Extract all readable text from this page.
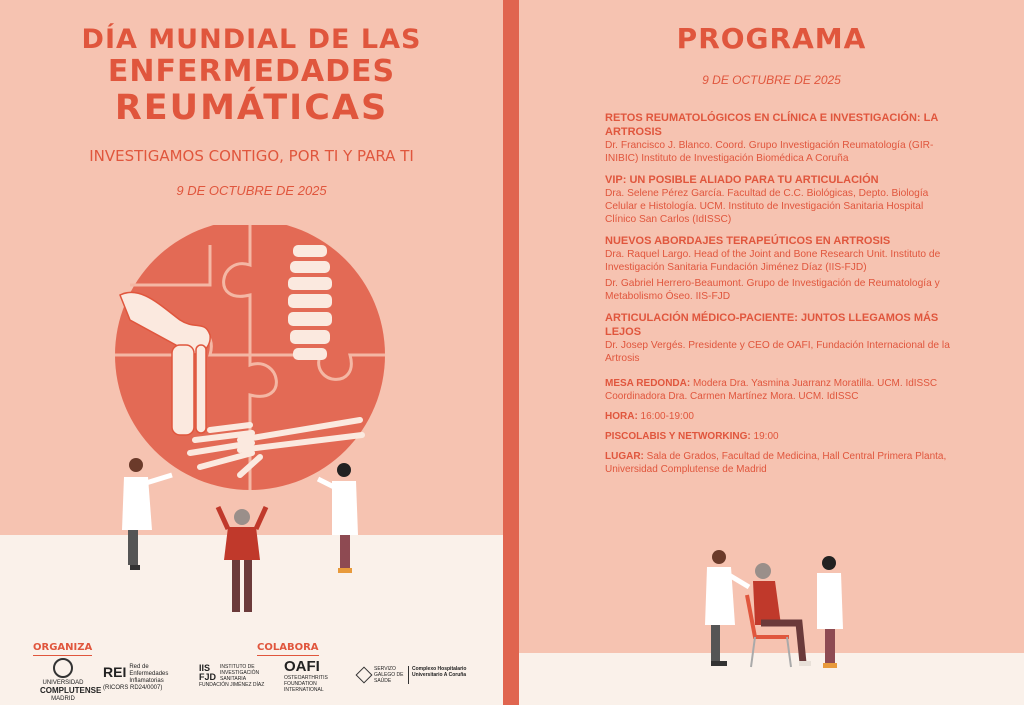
DÍA MUNDIAL DE LAS
ENFERMEDADES
REUMÁTICAS
INVESTIGAMOS CONTIGO, POR TI Y PARA TI
9 DE OCTUBRE DE 2025
ORGANIZA	COLABORA
UNIVERSIDAD
COMPLUTENSE
MADRID
REI Red de Enfermedades Inflamatorias
(RICORS RD24/0007)
IIS FJD
INSTITUTO DE INVESTIGACIÓN SANITARIA
FUNDACIÓN JIMÉNEZ DÍAZ
OAFI
OSTEOARTHRITIS FOUNDATION INTERNATIONAL
SERVIZO GALEGO DE SAÚDE
Complexo Hospitalario Universitario A Coruña
PROGRAMA
9 DE OCTUBRE DE 2025
RETOS REUMATOLÓGICOS EN CLÍNICA E INVESTIGACIÓN: LA ARTROSIS
Dr. Francisco J. Blanco. Coord. Grupo Investigación Reumatología (GIR-INIBIC) Instituto de Investigación Biomédica A Coruña
VIP: UN POSIBLE ALIADO PARA TU ARTICULACIÓN
Dra. Selene Pérez García. Facultad de C.C. Biológicas, Depto. Biología Celular e Histología. UCM. Instituto de Investigación Sanitaria Hospital Clínico San Carlos (IdISSC)
NUEVOS ABORDAJES TERAPEÚTICOS EN ARTROSIS
Dra. Raquel Largo. Head of the Joint and Bone Research Unit. Instituto de Investigación Sanitaria Fundación Jiménez Díaz (IIS-FJD)
Dr. Gabriel Herrero-Beaumont. Grupo de Investigación de Reumatología y Metabolismo Óseo. IIS-FJD
ARTICULACIÓN MÉDICO-PACIENTE: JUNTOS LLEGAMOS MÁS LEJOS
Dr. Josep Vergés. Presidente y CEO de OAFI, Fundación Internacional de la Artrosis
MESA REDONDA: Modera Dra. Yasmina Juarranz Moratilla. UCM. IdISSC
Coordinadora Dra. Carmen Martínez Mora. UCM. IdISSC
HORA: 16:00-19:00
PISCOLABIS Y NETWORKING: 19:00
LUGAR: Sala de Grados, Facultad de Medicina, Hall Central Primera Planta, Universidad Complutense de Madrid
